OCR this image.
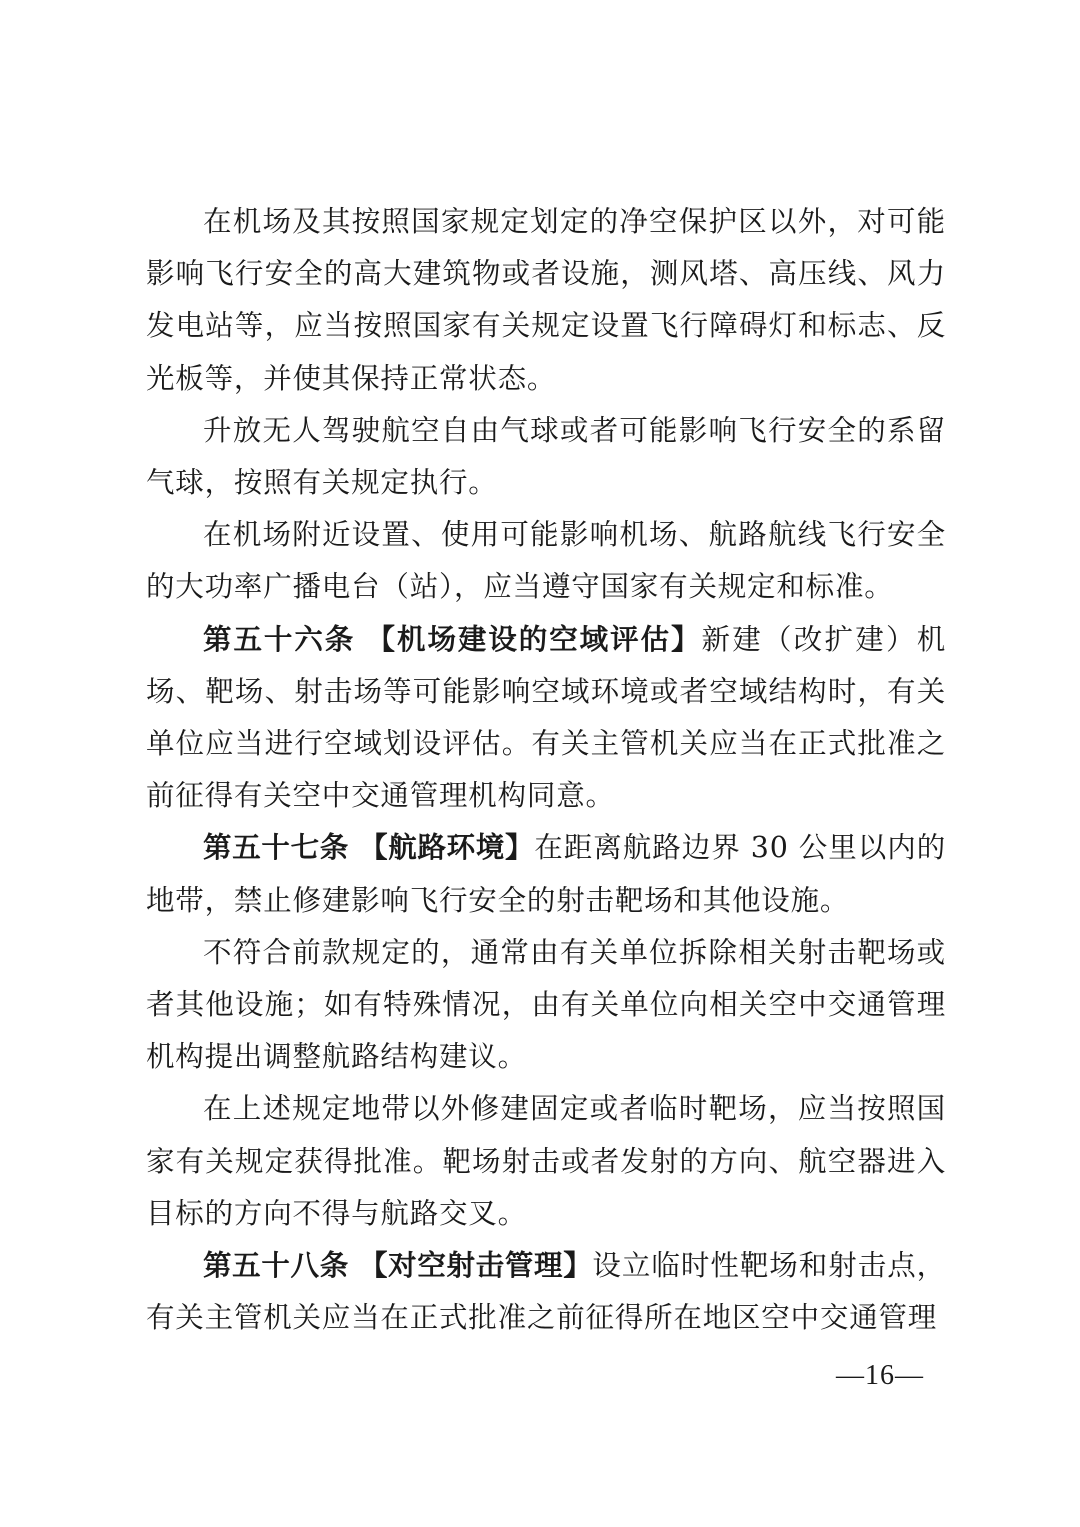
在机场及其按照国家规定划定的净空保护区以外，对可能影响飞行安全的高大建筑物或者设施，测风塔、高压线、风力发电站等，应当按照国家有关规定设置飞行障碍灯和标志、反光板等，并使其保持正常状态。

升放无人驾驶航空自由气球或者可能影响飞行安全的系留气球，按照有关规定执行。

在机场附近设置、使用可能影响机场、航路航线飞行安全的大功率广播电台（站），应当遵守国家有关规定和标准。

第五十六条 【机场建设的空域评估】新建（改扩建）机场、靶场、射击场等可能影响空域环境或者空域结构时，有关单位应当进行空域划设评估。有关主管机关应当在正式批准之前征得有关空中交通管理机构同意。

第五十七条 【航路环境】在距离航路边界 30 公里以内的地带，禁止修建影响飞行安全的射击靶场和其他设施。

不符合前款规定的，通常由有关单位拆除相关射击靶场或者其他设施；如有特殊情况，由有关单位向相关空中交通管理机构提出调整航路结构建议。

在上述规定地带以外修建固定或者临时靶场，应当按照国家有关规定获得批准。靶场射击或者发射的方向、航空器进入目标的方向不得与航路交叉。

第五十八条 【对空射击管理】设立临时性靶场和射击点，有关主管机关应当在正式批准之前征得所在地区空中交通管理

—16—
